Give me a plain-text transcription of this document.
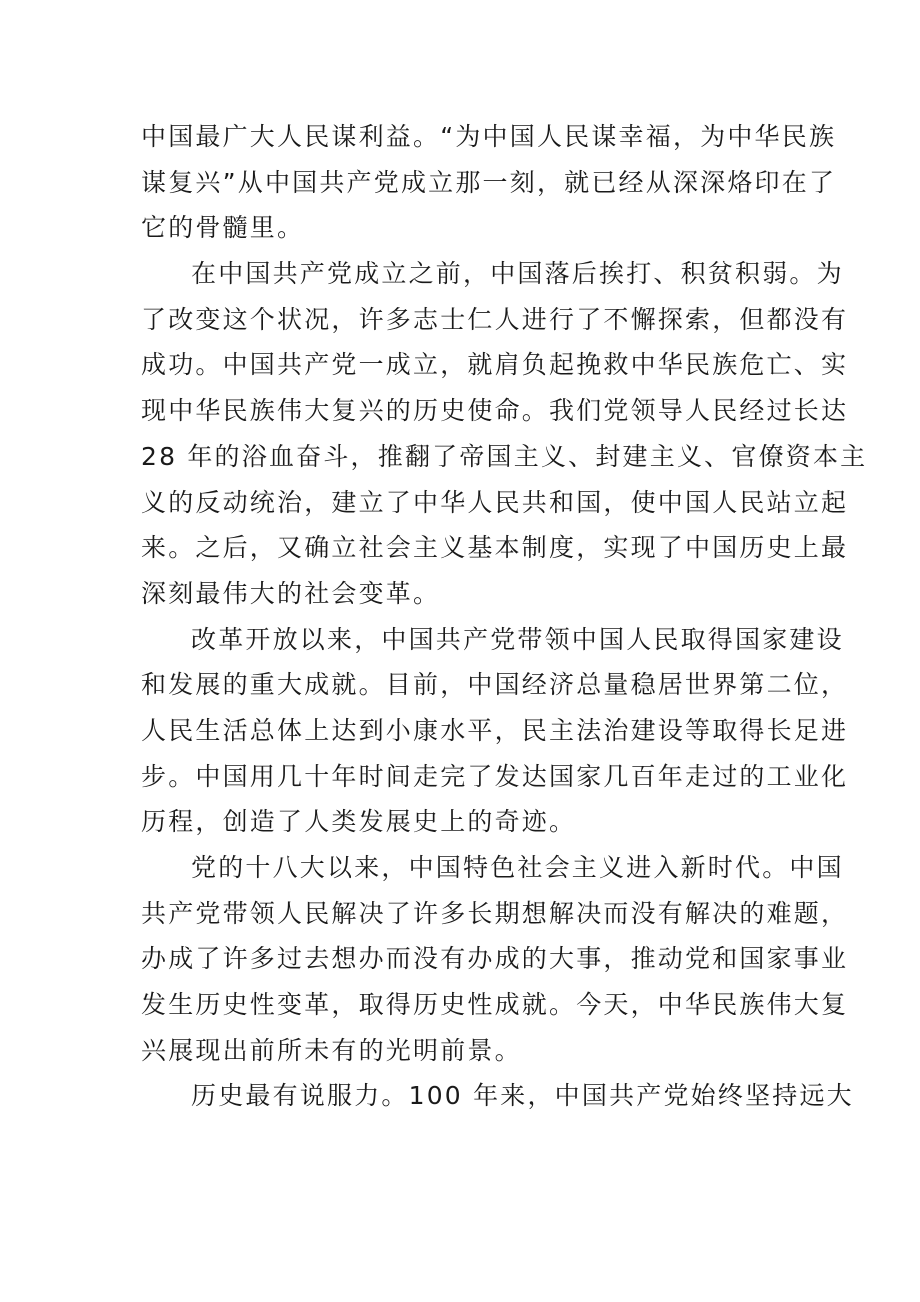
中国最广大人民谋利益。“为中国人民谋幸福，为中华民族
谋复兴”从中国共产党成立那一刻，就已经从深深烙印在了
它的骨髓里。
在中国共产党成立之前，中国落后挨打、积贫积弱。为
了改变这个状况，许多志士仁人进行了不懈探索，但都没有
成功。中国共产党一成立，就肩负起挽救中华民族危亡、实
现中华民族伟大复兴的历史使命。我们党领导人民经过长达
28 年的浴血奋斗，推翻了帝国主义、封建主义、官僚资本主
义的反动统治，建立了中华人民共和国，使中国人民站立起
来。之后，又确立社会主义基本制度，实现了中国历史上最
深刻最伟大的社会变革。
改革开放以来，中国共产党带领中国人民取得国家建设
和发展的重大成就。目前，中国经济总量稳居世界第二位，
人民生活总体上达到小康水平，民主法治建设等取得长足进
步。中国用几十年时间走完了发达国家几百年走过的工业化
历程，创造了人类发展史上的奇迹。
党的十八大以来，中国特色社会主义进入新时代。中国
共产党带领人民解决了许多长期想解决而没有解决的难题，
办成了许多过去想办而没有办成的大事，推动党和国家事业
发生历史性变革，取得历史性成就。今天，中华民族伟大复
兴展现出前所未有的光明前景。
历史最有说服力。100 年来，中国共产党始终坚持远大
